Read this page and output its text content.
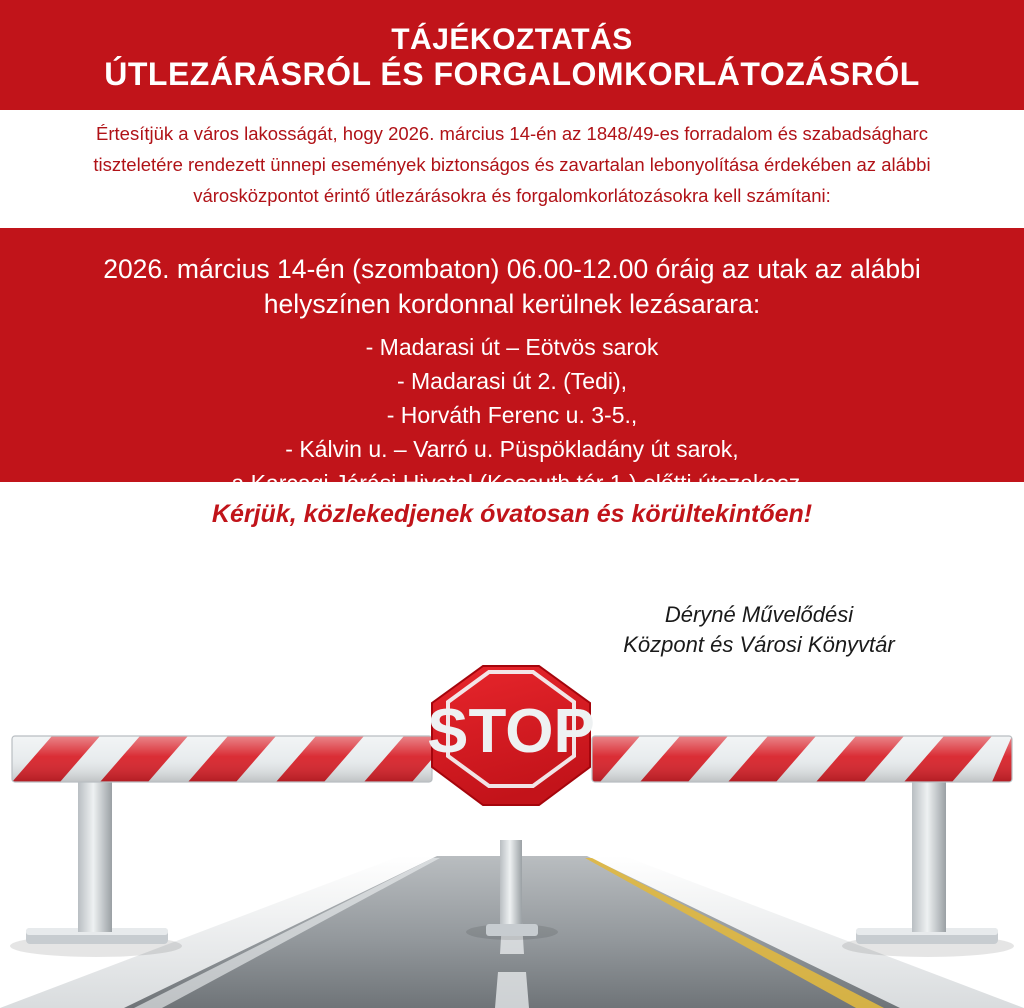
TÁJÉKOZTATÁS
ÚTLEZÁRÁSRÓL ÉS FORGALOMKORLÁTOZÁSRÓL
Értesítjük a város lakosságát, hogy 2026. március 14-én az 1848/49-es forradalom és szabadságharc tiszteletére rendezett ünnepi események biztonságos és zavartalan lebonyolítása érdekében az alábbi városközpontot érintő útlezárásokra és forgalomkorlátozásokra kell számítani:
2026. március 14-én (szombaton) 06.00-12.00 óráig az utak az alábbi helyszínen kordonnal kerülnek lezásarara:
- Madarasi út – Eötvös sarok
- Madarasi út 2. (Tedi),
- Horváth Ferenc u. 3-5.,
- Kálvin u. – Varró u. Püspökladány út sarok,
- a Karcagi Járási Hivatal (Kossuth tér 1.) előtti útszakasz.
Kérjük, közlekedjenek óvatosan és körültekintően!
Déryné Művelődési
Központ és Városi Könyvtár
STOP
